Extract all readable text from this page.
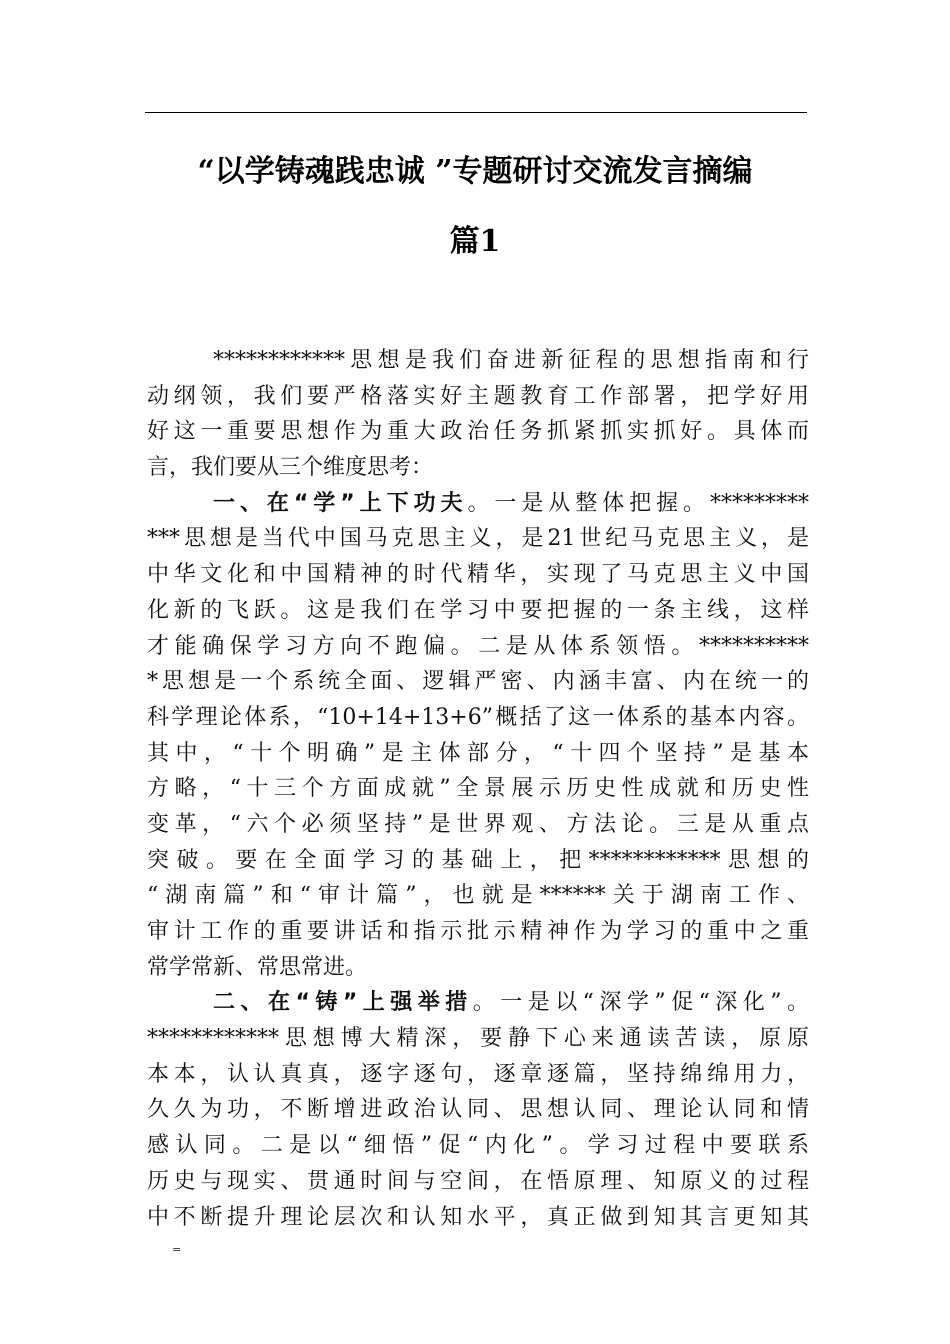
“以学铸魂践忠诚 ”专题研讨交流发言摘编
篇1
************思想是我们奋进新征程的思想指南和行
动纲领，我们要严格落实好主题教育工作部署，把学好用
好这一重要思想作为重大政治任务抓紧抓实抓好。具体而
言，我们要从三个维度思考：
一、在“学”上下功夫。一是从整体把握。*********
***思想是当代中国马克思主义，是21世纪马克思主义，是
中华文化和中国精神的时代精华，实现了马克思主义中国
化新的飞跃。这是我们在学习中要把握的一条主线，这样
才能确保学习方向不跑偏。二是从体系领悟。**********
*思想是一个系统全面、逻辑严密、内涵丰富、内在统一的
科学理论体系，“10+14+13+6”概括了这一体系的基本内容。
其中，“十个明确”是主体部分，“十四个坚持”是基本
方略，“十三个方面成就”全景展示历史性成就和历史性
变革，“六个必须坚持”是世界观、方法论。三是从重点
突破。要在全面学习的基础上，把************思想的
“湖南篇”和“审计篇”，也就是******关于湖南工作、
审计工作的重要讲话和指示批示精神作为学习的重中之重
常学常新、常思常进。
二、在“铸”上强举措。一是以“深学”促“深化”。
************思想博大精深，要静下心来通读苦读，原原
本本，认认真真，逐字逐句，逐章逐篇，坚持绵绵用力，
久久为功，不断增进政治认同、思想认同、理论认同和情
感认同。二是以“细悟”促“内化”。学习过程中要联系
历史与现实、贯通时间与空间，在悟原理、知原义的过程
中不断提升理论层次和认知水平，真正做到知其言更知其
=
